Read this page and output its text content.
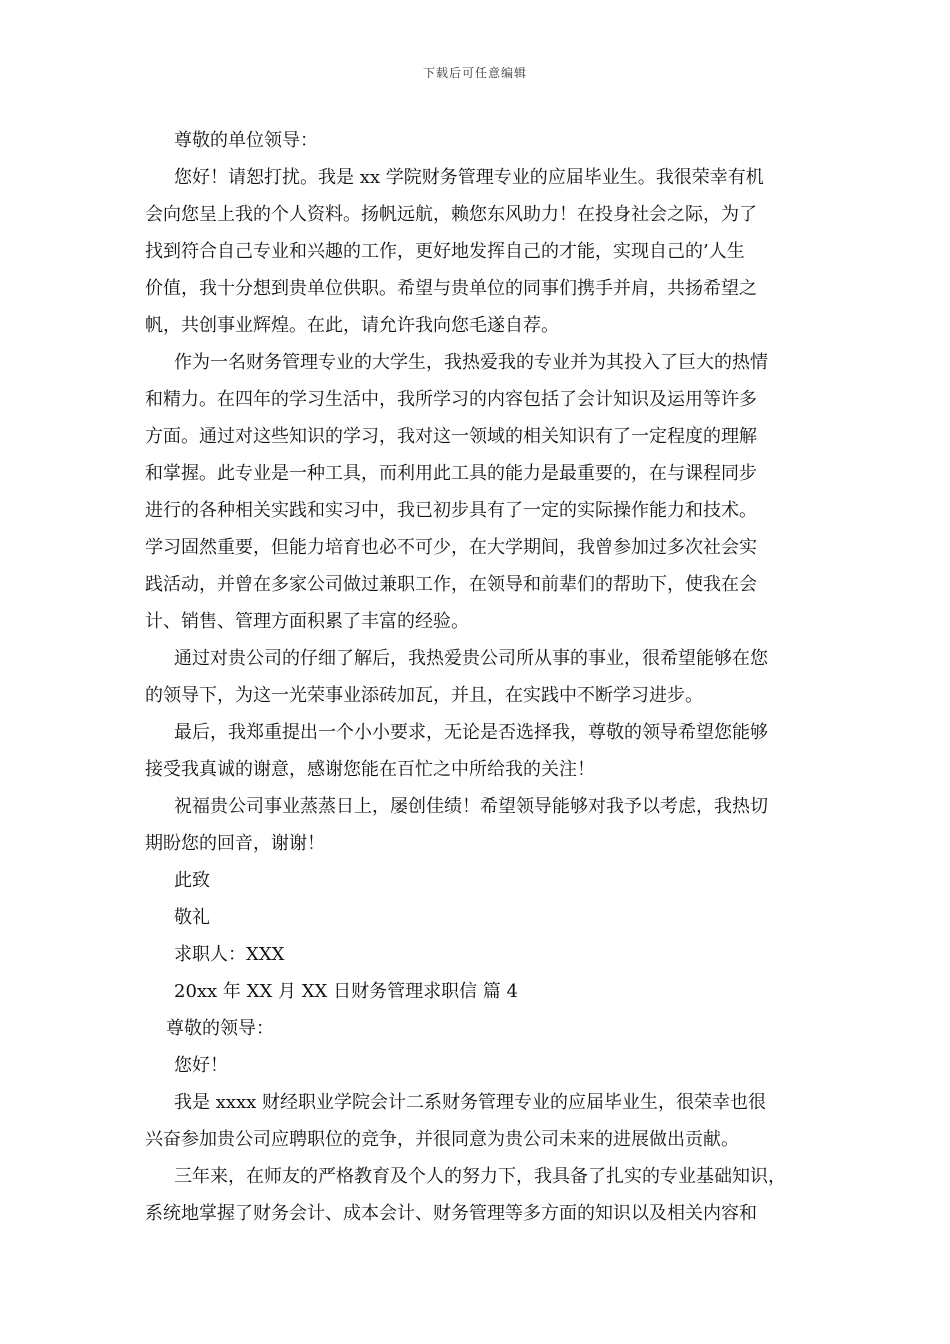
下载后可任意编辑
尊敬的单位领导：
您好！请恕打扰。我是 xx 学院财务管理专业的应届毕业生。我很荣幸有机
会向您呈上我的个人资料。扬帆远航，赖您东风助力！在投身社会之际，为了
找到符合自己专业和兴趣的工作，更好地发挥自己的才能，实现自己的’人生
价值，我十分想到贵单位供职。希望与贵单位的同事们携手并肩，共扬希望之
帆，共创事业辉煌。在此，请允许我向您毛遂自荐。
作为一名财务管理专业的大学生，我热爱我的专业并为其投入了巨大的热情
和精力。在四年的学习生活中，我所学习的内容包括了会计知识及运用等许多
方面。通过对这些知识的学习，我对这一领域的相关知识有了一定程度的理解
和掌握。此专业是一种工具，而利用此工具的能力是最重要的，在与课程同步
进行的各种相关实践和实习中，我已初步具有了一定的实际操作能力和技术。
学习固然重要，但能力培育也必不可少，在大学期间，我曾参加过多次社会实
践活动，并曾在多家公司做过兼职工作，在领导和前辈们的帮助下，使我在会
计、销售、管理方面积累了丰富的经验。
通过对贵公司的仔细了解后，我热爱贵公司所从事的事业，很希望能够在您
的领导下，为这一光荣事业添砖加瓦，并且，在实践中不断学习进步。
最后，我郑重提出一个小小要求，无论是否选择我，尊敬的领导希望您能够
接受我真诚的谢意，感谢您能在百忙之中所给我的关注！
祝福贵公司事业蒸蒸日上，屡创佳绩！希望领导能够对我予以考虑，我热切
期盼您的回音，谢谢！
此致
敬礼
求职人：XXX
20xx 年 XX 月 XX 日财务管理求职信 篇 4
尊敬的领导：
您好！
我是 xxxx 财经职业学院会计二系财务管理专业的应届毕业生，很荣幸也很
兴奋参加贵公司应聘职位的竞争，并很同意为贵公司未来的进展做出贡献。
三年来，在师友的严格教育及个人的努力下，我具备了扎实的专业基础知识，
系统地掌握了财务会计、成本会计、财务管理等多方面的知识以及相关内容和
